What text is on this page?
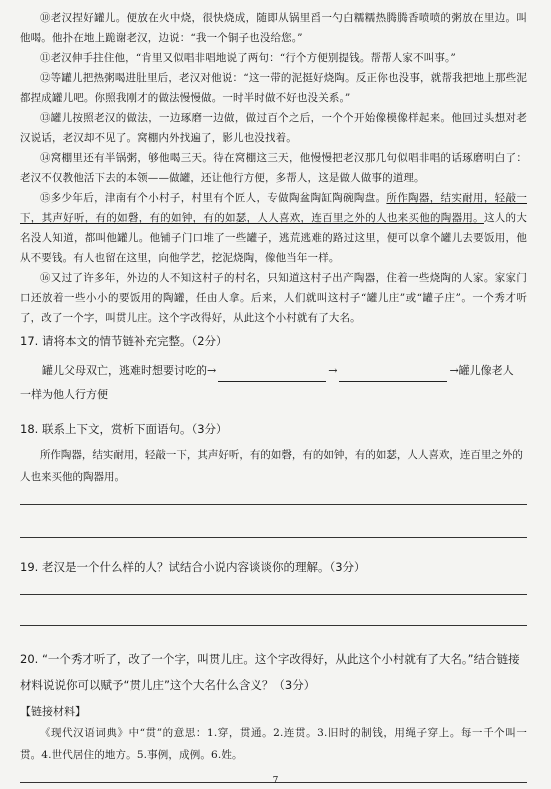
⑩老汉捏好罐儿。便放在火中烧，很快烧成，随即从锅里舀一勺白糯糯热腾腾香喷喷的粥放在里边。叫他喝。他扑在地上跪谢老汉，边说：“我一个铜子也没给您。”

⑪老汉伸手拄住他，“肯里又似唱非唱地说了两句：“行个方便别提钱。帮帮人家不叫事。”

⑫等罐儿把热粥喝进肚里后，老汉对他说：“这一带的泥挺好烧陶。反正你也没事，就帮我把地上那些泥都捏成罐儿吧。你照我刚才的做法慢慢做。一时半时做不好也没关系。”

⑬罐儿按照老汉的做法，一边琢磨一边做，做过百个之后，一个个开始像模像样起来。他回过头想对老汉说话，老汉却不见了。窝棚内外找遍了，影儿也没找着。

⑭窝棚里还有半锅粥，够他喝三天。待在窝棚这三天，他慢慢把老汉那几句似唱非唱的话琢磨明白了：老汉不仅教他活下去的本领——做罐，还让他行方便，多帮人，这是做人做事的道理。

⑮多少年后，津南有个小村子，村里有个匠人，专做陶盆陶缸陶碗陶盘。所作陶器，结实耐用，轻敲一下，其声好听，有的如磬，有的如钟，有的如瑟，人人喜欢，连百里之外的人也来买他的陶器用。这人的大名没人知道，都叫他罐儿。他铺子门口堆了一些罐子，逃荒逃难的路过这里，便可以拿个罐儿去要饭用，他从不要钱。有人也留在这里，向他学艺，挖泥烧陶，像他当年一样。

⑯又过了许多年，外边的人不知这村子的村名，只知道这村子出产陶器，住着一些烧陶的人家。家家门口还放着一些小小的要饭用的陶罐，任由人拿。后来，人们就叫这村子“罐儿庄”或“罐子庄”。一个秀才听了，改了一个字，叫贯儿庄。这个字改得好，从此这个小村就有了大名。

17. 请将本文的情节链补充完整。（2分）
罐儿父母双亡，逃难时想要讨吃的→	→	→罐儿像老人
一样为他人行方便
18. 联系上下文，赏析下面语句。（3分）

所作陶器，结实耐用，轻敲一下，其声好听，有的如磬，有的如钟，有的如瑟，人人喜欢，连百里之外的人也来买他的陶器用。

19. 老汉是一个什么样的人？试结合小说内容谈谈你的理解。（3分）
20. “一个秀才听了，改了一个字，叫贯儿庄。这个字改得好，从此这个小村就有了大名。”结合链接材料说说你可以赋予“贯儿庄”这个大名什么含义？（3分）
【链接材料】

《现代汉语词典》中“贯”的意思：1.穿，贯通。2.连贯。3.旧时的制钱，用绳子穿上。每一千个叫一贯。4.世代居住的地方。5.事例，成例。6.姓。

7
